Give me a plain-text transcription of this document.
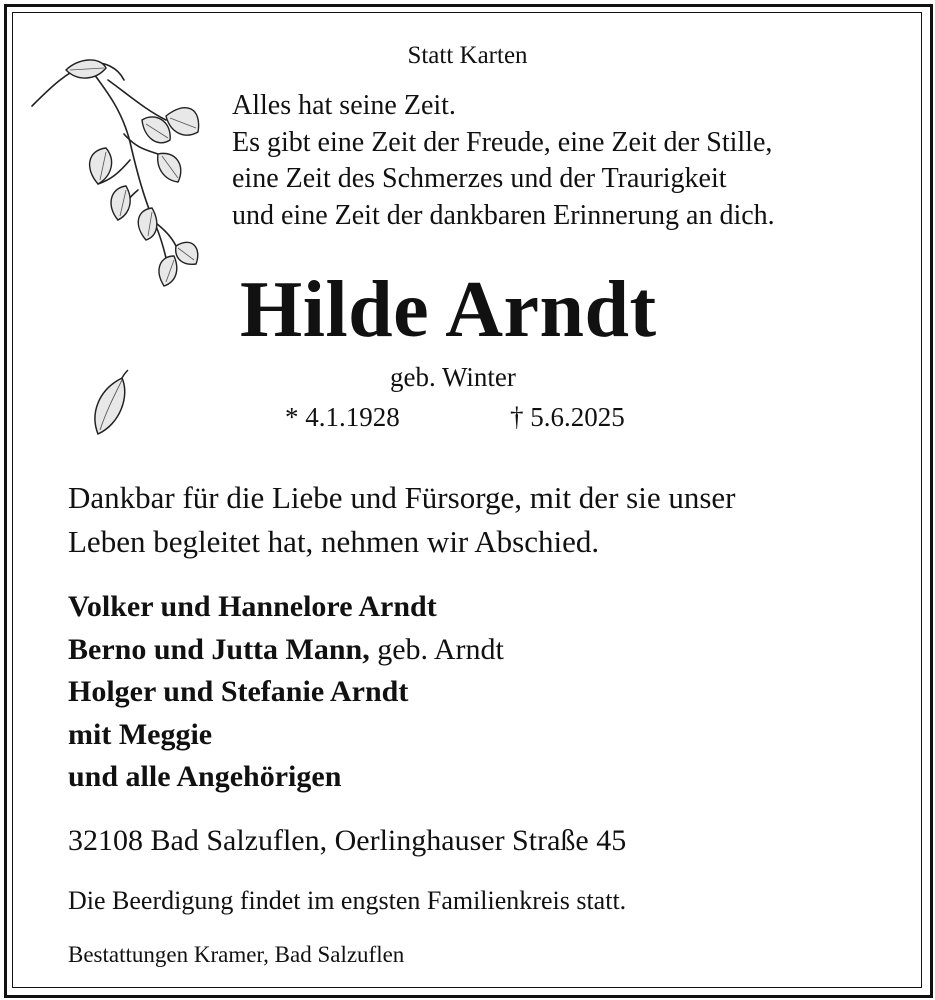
Statt Karten
Alles hat seine Zeit.
Es gibt eine Zeit der Freude, eine Zeit der Stille,
eine Zeit des Schmerzes und der Traurigkeit
und eine Zeit der dankbaren Erinnerung an dich.
Hilde Arndt
geb. Winter
* 4.1.1928	† 5.6.2025
Dankbar für die Liebe und Fürsorge, mit der sie unser
Leben begleitet hat, nehmen wir Abschied.
Volker und Hannelore Arndt
Berno und Jutta Mann, geb. Arndt
Holger und Stefanie Arndt
mit Meggie
und alle Angehörigen
32108 Bad Salzuflen, Oerlinghauser Straße 45
Die Beerdigung findet im engsten Familienkreis statt.
Bestattungen Kramer, Bad Salzuflen
